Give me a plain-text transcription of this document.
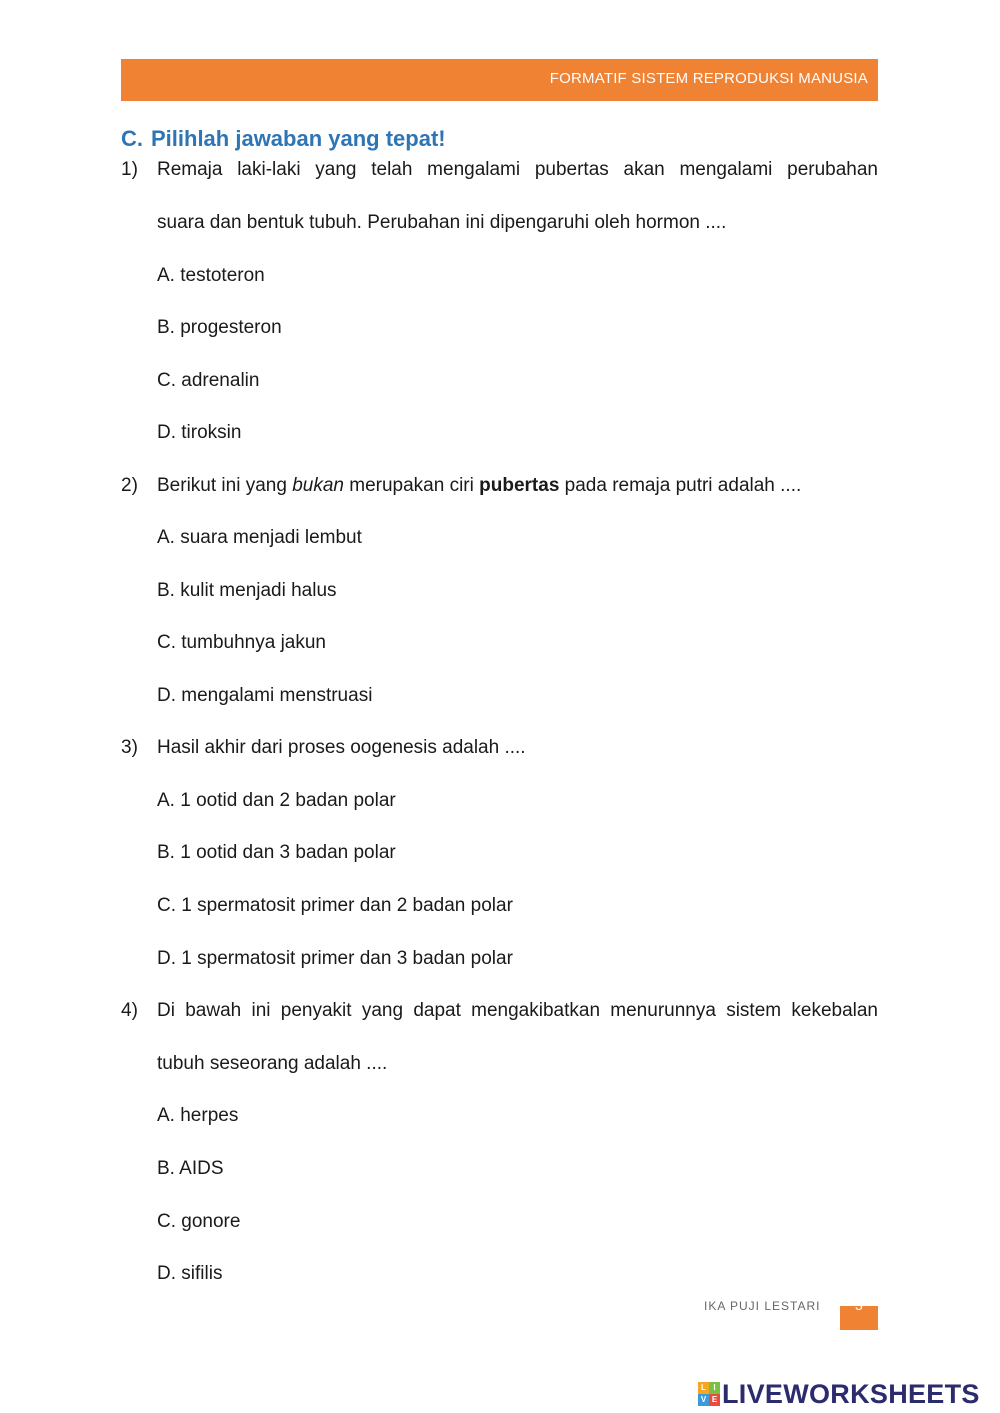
FORMATIF SISTEM REPRODUKSI MANUSIA
C. Pilihlah jawaban yang tepat!
1) Remaja laki-laki yang telah mengalami pubertas akan mengalami perubahan
suara dan bentuk tubuh. Perubahan ini dipengaruhi oleh hormon ....
A. testoteron
B. progesteron
C. adrenalin
D. tiroksin
2) Berikut ini yang bukan merupakan ciri pubertas pada remaja putri adalah ....
A. suara menjadi lembut
B. kulit menjadi halus
C. tumbuhnya jakun
D. mengalami menstruasi
3) Hasil akhir dari proses oogenesis adalah ....
A. 1 ootid dan 2 badan polar
B. 1 ootid dan 3 badan polar
C. 1 spermatosit primer dan 2 badan polar
D. 1 spermatosit primer dan 3 badan polar
4) Di bawah ini penyakit yang dapat mengakibatkan menurunnya sistem kekebalan
tubuh seseorang adalah ....
A. herpes
B. AIDS
C. gonore
D. sifilis
IKA PUJI LESTARI	3
L I
V E LIVEWORKSHEETS
